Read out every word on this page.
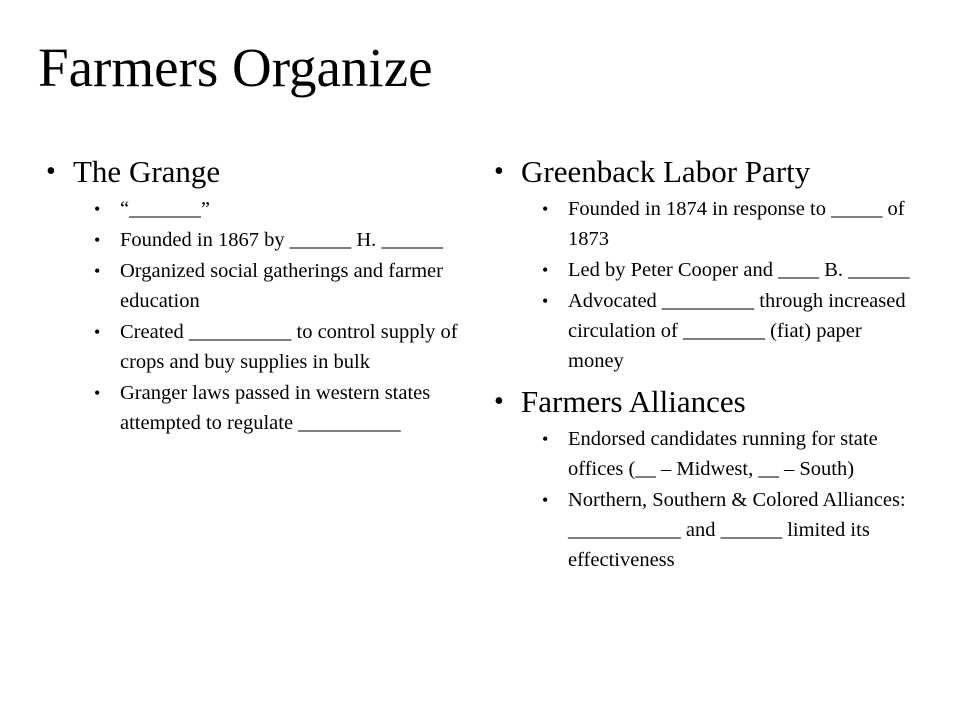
Farmers Organize
• The Grange
• “_______”
• Founded in 1867 by ______ H. ______
• Organized social gatherings and farmer education
• Created __________ to control supply of crops and buy supplies in bulk
• Granger laws passed in western states attempted to regulate __________
• Greenback Labor Party
• Founded in 1874 in response to _____ of 1873
• Led by Peter Cooper and ____ B. ______
• Advocated _________ through increased circulation of ________ (fiat) paper money
• Farmers Alliances
• Endorsed candidates running for state offices (__ – Midwest, __ – South)
• Northern, Southern & Colored Alliances: ___________ and ______ limited its effectiveness
